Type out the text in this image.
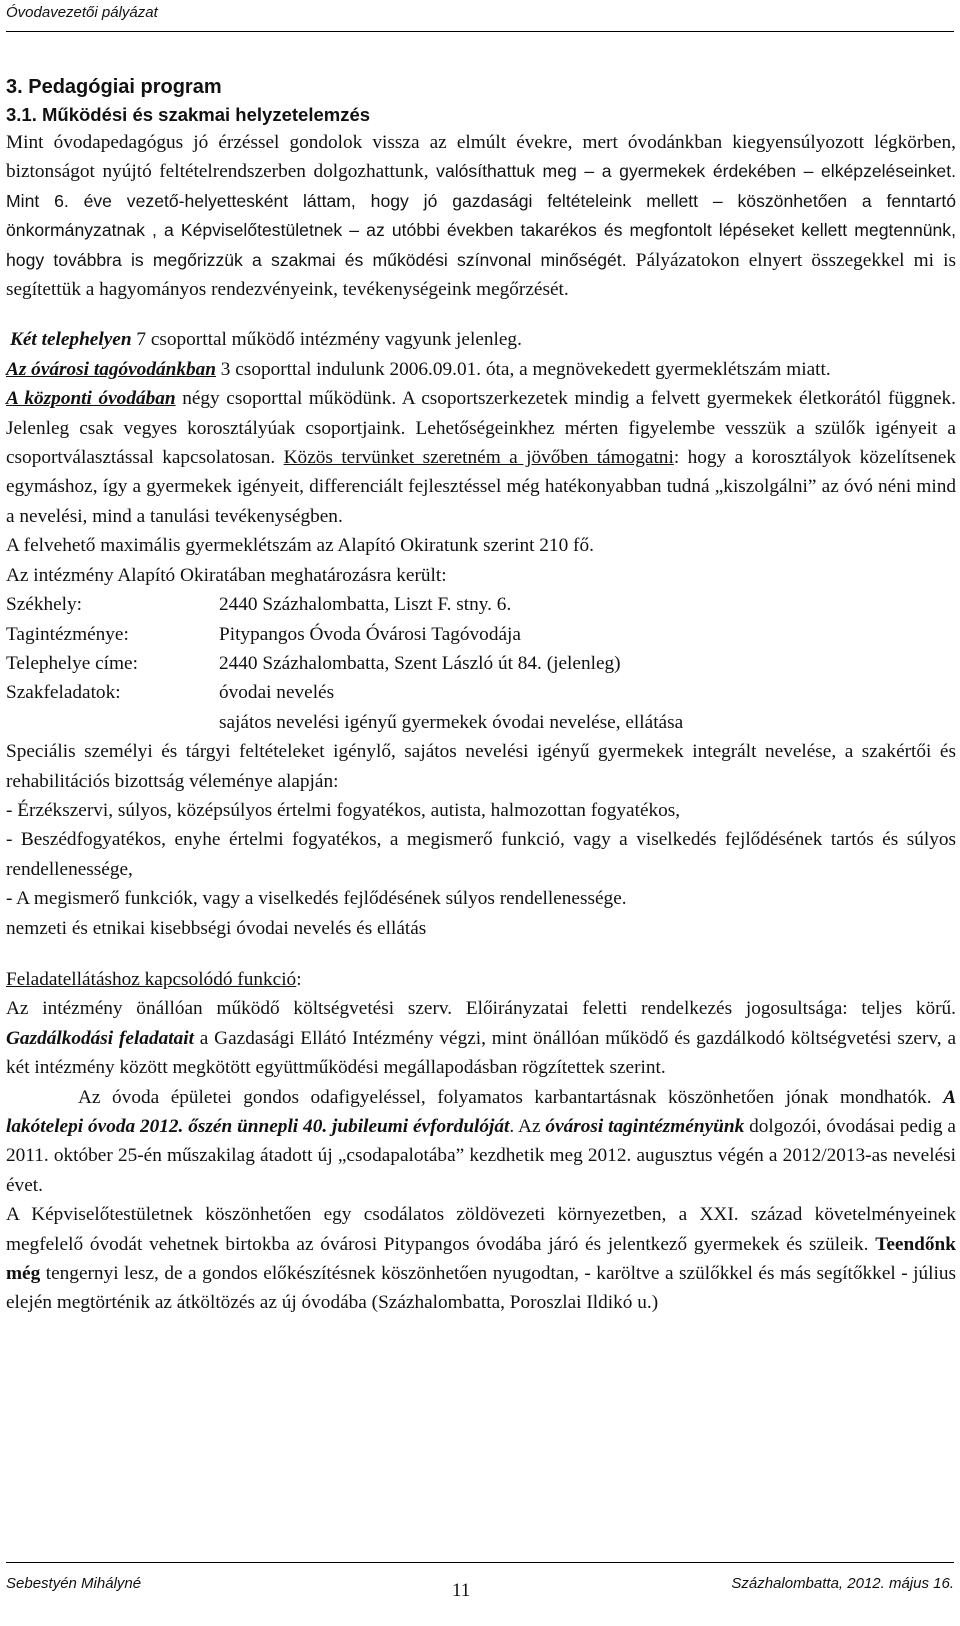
Óvodavezetői pályázat

3. Pedagógiai program

3.1. Működési és szakmai helyzetelemzés

Mint óvodapedagógus jó érzéssel gondolok vissza az elmúlt évekre, mert óvodánkban kiegyensúlyozott légkörben, biztonságot nyújtó feltételrendszerben dolgozhattunk, valósíthattuk meg – a gyermekek érdekében – elképzeléseinket. Mint 6. éve vezető-helyettesként láttam, hogy jó gazdasági feltételeink mellett – köszönhetően a fenntartó önkormányzatnak , a Képviselőtestületnek – az utóbbi években takarékos és megfontolt lépéseket kellett megtennünk, hogy továbbra is megőrizzük a szakmai és működési színvonal minőségét. Pályázatokon elnyert összegekkel mi is segítettük a hagyományos rendezvényeink, tevékenységeink megőrzését.

Két telephelyen 7 csoporttal működő intézmény vagyunk jelenleg.

Az óvárosi tagóvodánkban 3 csoporttal indulunk 2006.09.01. óta, a megnövekedett gyermeklétszám miatt.

A központi óvodában négy csoporttal működünk. A csoportszerkezetek mindig a felvett gyermekek életkorától függnek. Jelenleg csak vegyes korosztályúak csoportjaink. Lehetőségeinkhez mérten figyelembe vesszük a szülők igényeit a csoportválasztással kapcsolatosan. Közös tervünket szeretném a jövőben támogatni: hogy a korosztályok közelítsenek egymáshoz, így a gyermekek igényeit, differenciált fejlesztéssel még hatékonyabban tudná „kiszolgálni” az óvó néni mind a nevelési, mind a tanulási tevékenységben.

A felvehető maximális gyermeklétszám az Alapító Okiratunk szerint 210 fő.

Az intézmény Alapító Okiratában meghatározásra került:

Székhely:	2440 Százhalombatta, Liszt F. stny. 6.
Tagintézménye:	Pitypangos Óvoda Óvárosi Tagóvodája
Telephelye címe:	2440 Százhalombatta, Szent László út 84. (jelenleg)
Szakfeladatok:	óvodai nevelés
sajátos nevelési igényű gyermekek óvodai nevelése, ellátása

Speciális személyi és tárgyi feltételeket igénylő, sajátos nevelési igényű gyermekek integrált nevelése, a szakértői és rehabilitációs bizottság véleménye alapján:

- Érzékszervi, súlyos, középsúlyos értelmi fogyatékos, autista, halmozottan fogyatékos,

- Beszédfogyatékos, enyhe értelmi fogyatékos, a megismerő funkció, vagy a viselkedés fejlődésének tartós és súlyos rendellenessége,

- A megismerő funkciók, vagy a viselkedés fejlődésének súlyos rendellenessége.

nemzeti és etnikai kisebbségi óvodai nevelés és ellátás

Feladatellátáshoz kapcsolódó funkció:

Az intézmény önállóan működő költségvetési szerv. Előirányzatai feletti rendelkezés jogosultsága: teljes körű. Gazdálkodási feladatait a Gazdasági Ellátó Intézmény végzi, mint önállóan működő és gazdálkodó költségvetési szerv, a két intézmény között megkötött együttműködési megállapodásban rögzítettek szerint.

Az óvoda épületei gondos odafigyeléssel, folyamatos karbantartásnak köszönhetően jónak mondhatók. A lakótelepi óvoda 2012. őszén ünnepli 40. jubileumi évfordulóját. Az óvárosi tagintézményünk dolgozói, óvodásai pedig a 2011. október 25-én műszakilag átadott új „csodapalotába” kezdhetik meg 2012. augusztus végén a 2012/2013-as nevelési évet.

A Képviselőtestületnek köszönhetően egy csodálatos zöldövezeti környezetben, a XXI. század követelményeinek megfelelő óvodát vehetnek birtokba az óvárosi Pitypangos óvodába járó és jelentkező gyermekek és szüleik. Teendőnk még tengernyi lesz, de a gondos előkészítésnek köszönhetően nyugodtan, - karöltve a szülőkkel és más segítőkkel - július elején megtörténik az átköltözés az új óvodába (Százhalombatta, Poroszlai Ildikó u.)

Sebestyén Mihályné	11	Százhalombatta, 2012. május 16.
